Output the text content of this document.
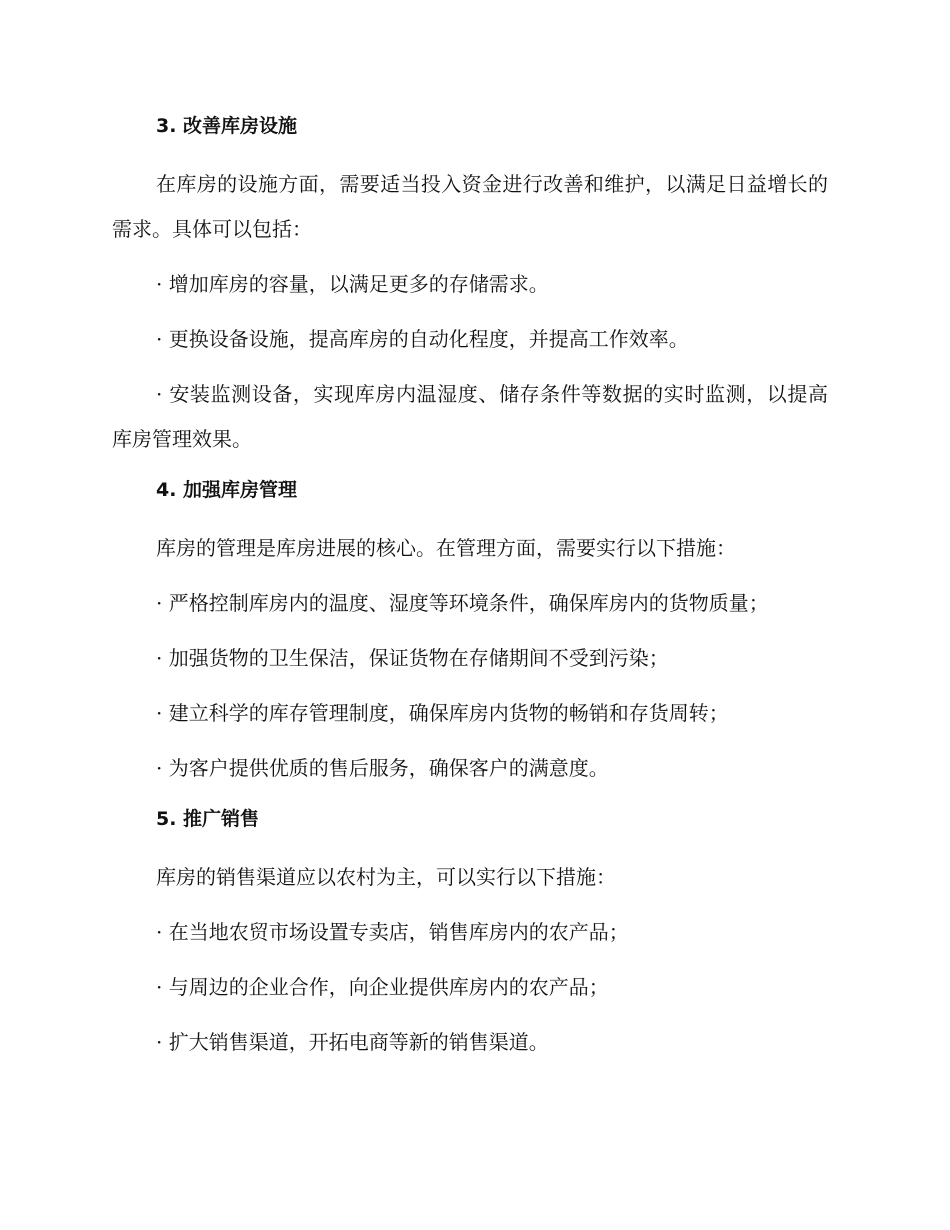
3. 改善库房设施

在库房的设施方面，需要适当投入资金进行改善和维护，以满足日益增长的需求。具体可以包括：

· 增加库房的容量，以满足更多的存储需求。

· 更换设备设施，提高库房的自动化程度，并提高工作效率。

· 安装监测设备，实现库房内温湿度、储存条件等数据的实时监测，以提高库房管理效果。

4. 加强库房管理

库房的管理是库房进展的核心。在管理方面，需要实行以下措施：

· 严格控制库房内的温度、湿度等环境条件，确保库房内的货物质量；

· 加强货物的卫生保洁，保证货物在存储期间不受到污染；

· 建立科学的库存管理制度，确保库房内货物的畅销和存货周转；

· 为客户提供优质的售后服务，确保客户的满意度。

5. 推广销售

库房的销售渠道应以农村为主，可以实行以下措施：

· 在当地农贸市场设置专卖店，销售库房内的农产品；

· 与周边的企业合作，向企业提供库房内的农产品；

· 扩大销售渠道，开拓电商等新的销售渠道。
